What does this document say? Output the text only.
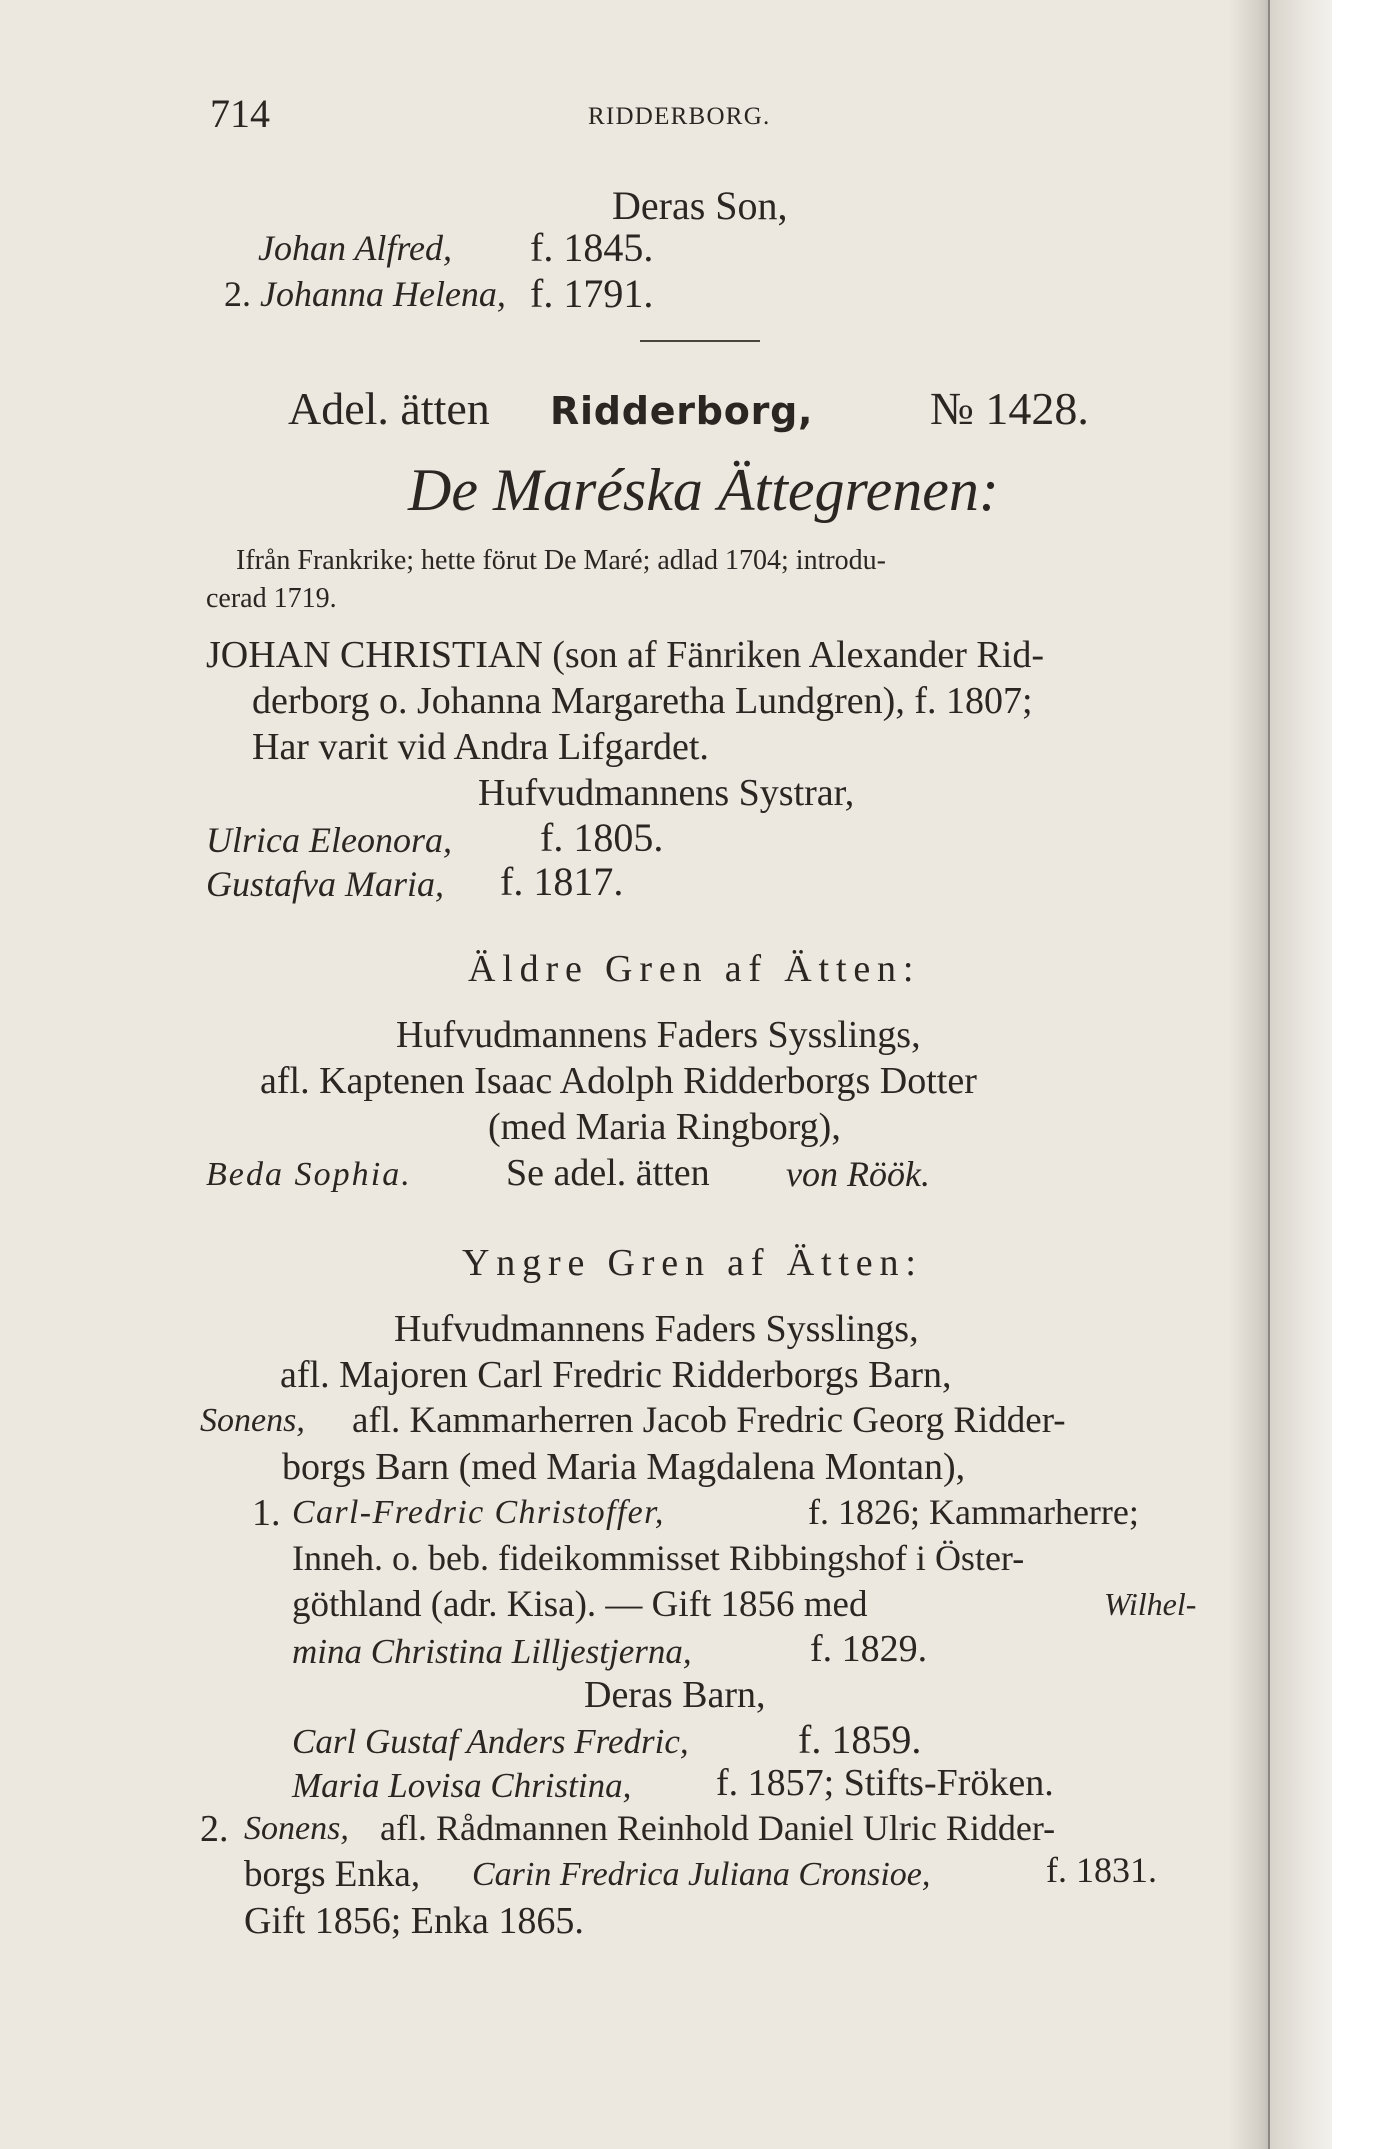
714	RIDDERBORG.
Deras Son,
Johan Alfred, f. 1845.
2. Johanna Helena, f. 1791.
Adel. ätten Ridderborg,	№ 1428.
De Maréska Ättegrenen:
Ifrån Frankrike; hette förut De Maré; adlad 1704; introdu-
cerad 1719.
JOHAN CHRISTIAN (son af Fänriken Alexander Rid-
derborg o. Johanna Margaretha Lundgren), f. 1807;
Har varit vid Andra Lifgardet.
Hufvudmannens Systrar,
Ulrica Eleonora, f. 1805.
Gustafva Maria, f. 1817.
Äldre Gren af Ätten:
Hufvudmannens Faders Sysslings,
afl. Kaptenen Isaac Adolph Ridderborgs Dotter
(med Maria Ringborg),
Beda Sophia. Se adel. ätten von Röök.
Yngre Gren af Ätten:
Hufvudmannens Faders Sysslings,
afl. Majoren Carl Fredric Ridderborgs Barn,
Sonens, afl. Kammarherren Jacob Fredric Georg Ridder-
borgs Barn (med Maria Magdalena Montan),
1. Carl-Fredric Christoffer,	f. 1826; Kammarherre;
Inneh. o. beb. fideikommisset Ribbingshof i Öster-
göthland (adr. Kisa). — Gift 1856 med	Wilhel-
mina Christina Lilljestjerna,	f. 1829.
Deras Barn,
Carl Gustaf Anders Fredric,	f. 1859.
Maria Lovisa Christina, f. 1857; Stifts-Fröken.
2. Sonens, afl. Rådmannen Reinhold Daniel Ulric Ridder-
borgs Enka, Carin Fredrica Juliana Cronsioe,	f. 1831.
Gift 1856; Enka 1865.
